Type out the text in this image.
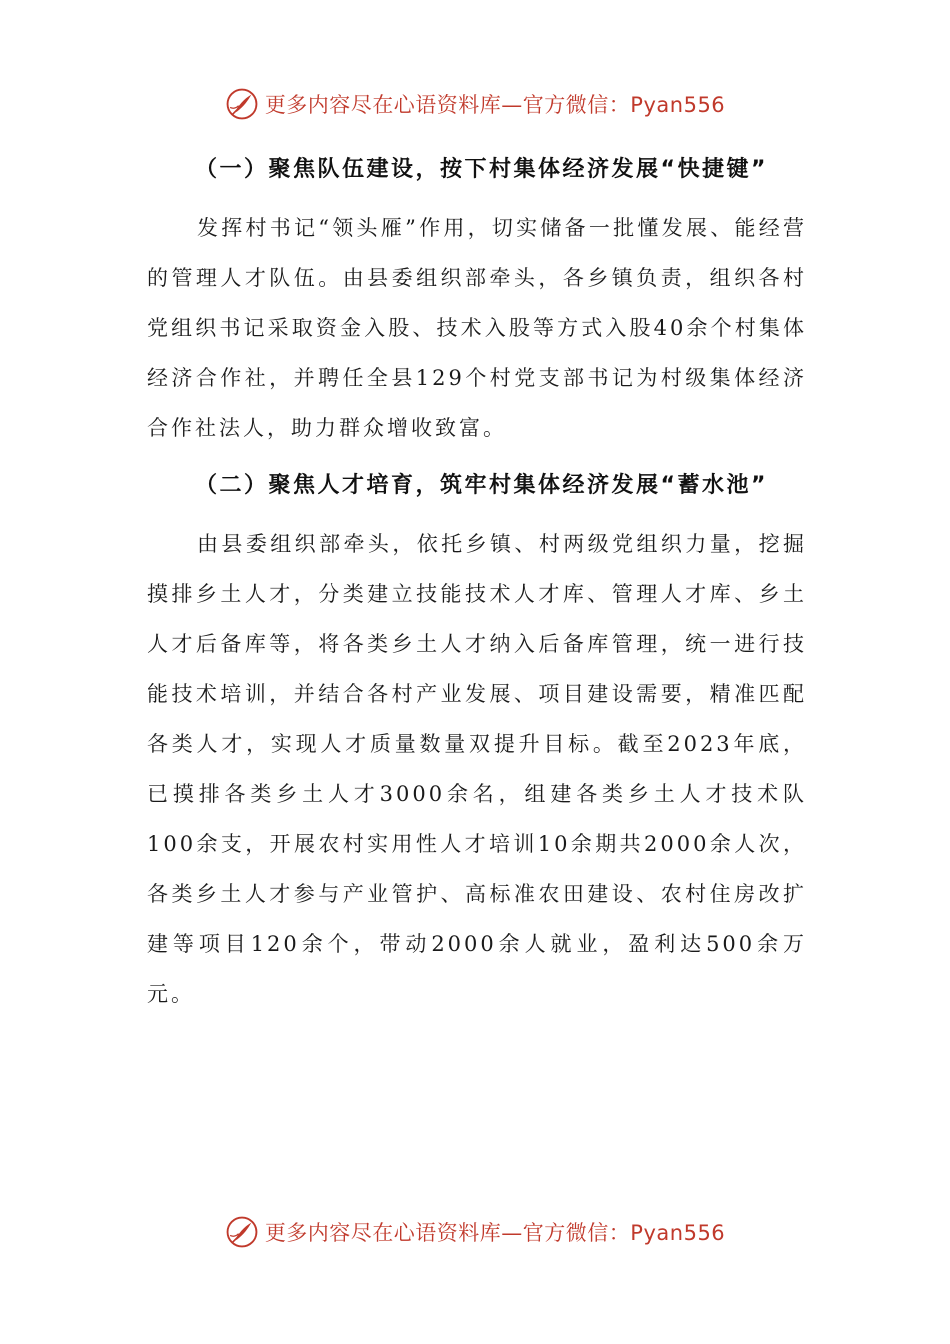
更多内容尽在心语资料库—官方微信：Pyan556

（一）聚焦队伍建设，按下村集体经济发展“快捷键”

发挥村书记“领头雁”作用，切实储备一批懂发展、能经营的管理人才队伍。由县委组织部牵头，各乡镇负责，组织各村党组织书记采取资金入股、技术入股等方式入股40余个村集体经济合作社，并聘任全县129个村党支部书记为村级集体经济合作社法人，助力群众增收致富。

（二）聚焦人才培育，筑牢村集体经济发展“蓄水池”

由县委组织部牵头，依托乡镇、村两级党组织力量，挖掘摸排乡土人才，分类建立技能技术人才库、管理人才库、乡土人才后备库等，将各类乡土人才纳入后备库管理，统一进行技能技术培训，并结合各村产业发展、项目建设需要，精准匹配各类人才，实现人才质量数量双提升目标。截至2023年底，已摸排各类乡土人才3000余名，组建各类乡土人才技术队100余支，开展农村实用性人才培训10余期共2000余人次，各类乡土人才参与产业管护、高标准农田建设、农村住房改扩建等项目120余个，带动2000余人就业，盈利达500余万元。

更多内容尽在心语资料库—官方微信：Pyan556
